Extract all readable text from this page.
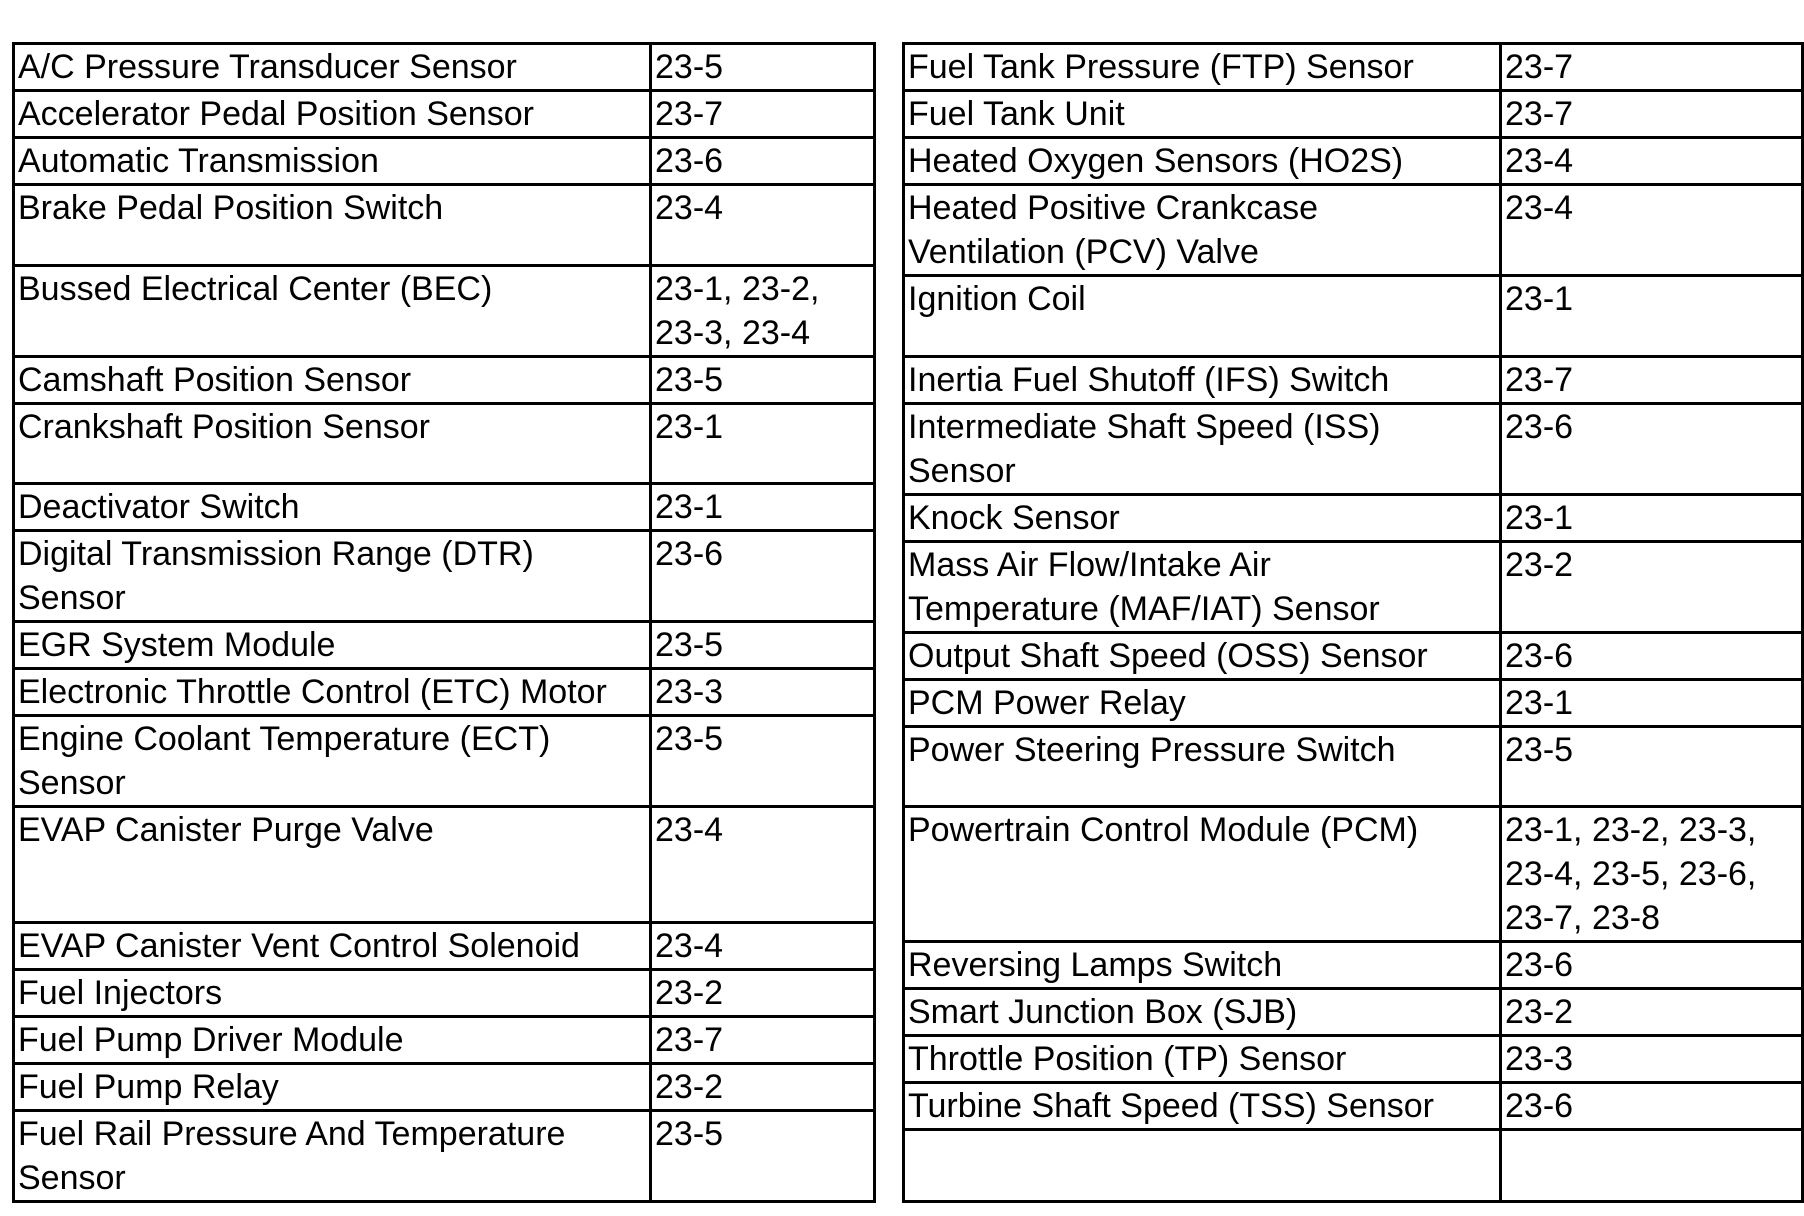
A/C Pressure Transducer Sensor	23-5

Accelerator Pedal Position Sensor	23-7

Automatic Transmission	23-6

Brake Pedal Position Switch	23-4

Bussed Electrical Center (BEC)	23-1, 23-2,
23-3, 23-4

Camshaft Position Sensor	23-5

Crankshaft Position Sensor	23-1

Deactivator Switch	23-1

Digital Transmission Range (DTR)
Sensor	23-6

EGR System Module	23-5

Electronic Throttle Control (ETC) Motor	23-3

Engine Coolant Temperature (ECT)
Sensor	23-5

EVAP Canister Purge Valve	23-4

EVAP Canister Vent Control Solenoid	23-4

Fuel Injectors	23-2

Fuel Pump Driver Module	23-7

Fuel Pump Relay	23-2

Fuel Rail Pressure And Temperature
Sensor	23-5
Fuel Tank Pressure (FTP) Sensor	23-7

Fuel Tank Unit	23-7

Heated Oxygen Sensors (HO2S)	23-4

Heated Positive Crankcase
Ventilation (PCV) Valve	23-4

Ignition Coil	23-1

Inertia Fuel Shutoff (IFS) Switch	23-7

Intermediate Shaft Speed (ISS)
Sensor	23-6

Knock Sensor	23-1

Mass Air Flow/Intake Air
Temperature (MAF/IAT) Sensor	23-2

Output Shaft Speed (OSS) Sensor	23-6

PCM Power Relay	23-1

Power Steering Pressure Switch	23-5

Powertrain Control Module (PCM)	23-1, 23-2, 23-3,
23-4, 23-5, 23-6,
23-7, 23-8

Reversing Lamps Switch	23-6

Smart Junction Box (SJB)	23-2

Throttle Position (TP) Sensor	23-3

Turbine Shaft Speed (TSS) Sensor	23-6
